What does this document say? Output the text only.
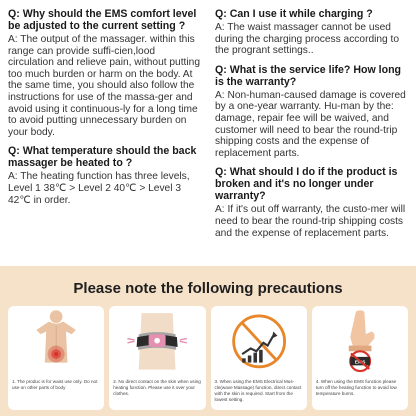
Q: Why should the EMS comfort level be adjusted to the current setting ?

A: The output of the massager. within this range can provide suffi-cien,lood circulation and relieve pain, without putting too much burden or harm on the body. At the same time, you should also follow the instructions for use of the massa-ger and avoid using it continuous-ly for a long time to avoid putting unnecessary burden on your body.

Q: What temperature should the back massager be heated to ?

A: The heating function has three levels, Level 1 38℃ > Level 2 40℃ > Level 3 42℃ in order.

Q: Can I use it while charging ?

A: The waist massager cannot be used during the charging process according to the progrant settings..

Q: What is the service life? How long is the warranty?

A: Non-human-caused damage is covered by a one-year warranty. Hu-man by the: damage, repair fee will be waived, and customer will need to bear the round-trip shipping costs and the expense of replacement parts.

Q: What should I do if the product is broken and it's no longer under warranty?

A: If it's out off warranty, the custo-mer will need to bear the round-trip shipping costs and the expense of replacement parts.

Please note the following precautions
1. The produc is for waist use only. Do not use on other parts of body
2. No direct contact on the skin when using heating function. Please use it over your clothes.
3. When using the EMS Electrical Mus-cle(wave Massage) function, direct contact with the skin is required. Start from the lowest setting.
EMS
4. When using the EMS function please turn off the heating function to avoid low temperature burns.
